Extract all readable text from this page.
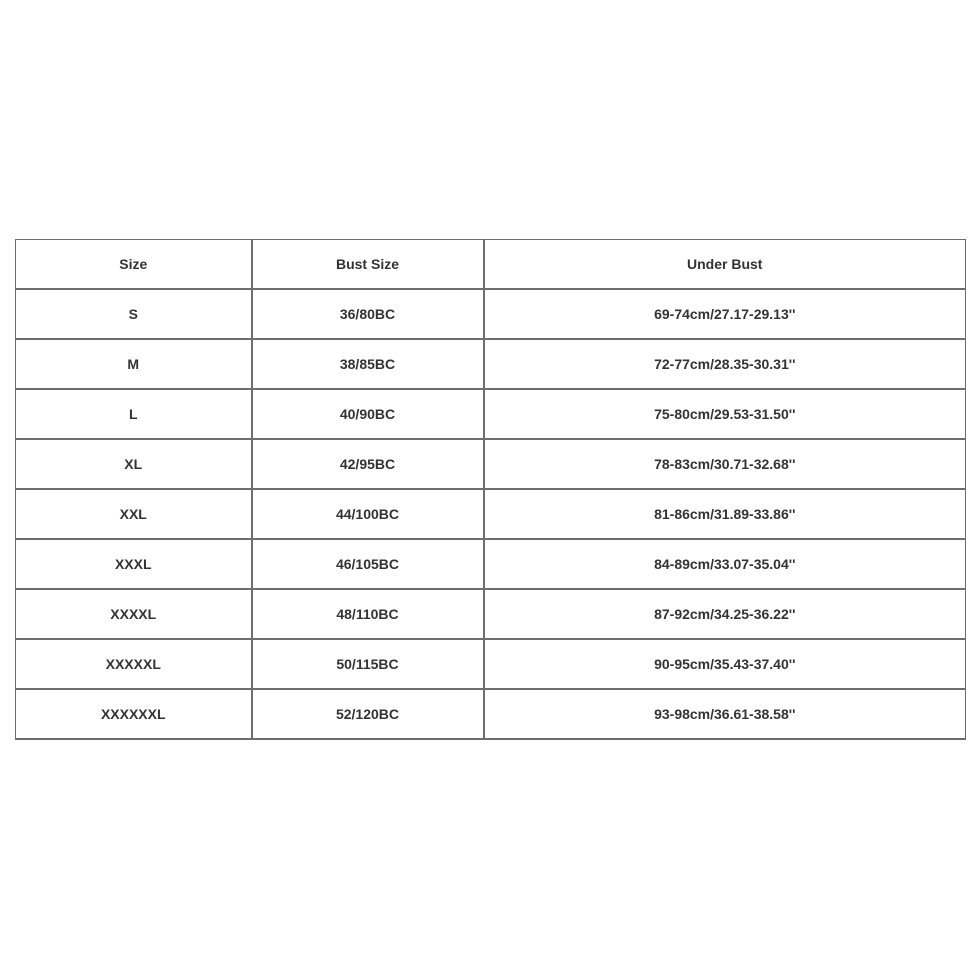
Size	Bust Size	Under Bust
S	36/80BC	69-74cm/27.17-29.13''
M	38/85BC	72-77cm/28.35-30.31''
L	40/90BC	75-80cm/29.53-31.50''
XL	42/95BC	78-83cm/30.71-32.68''
XXL	44/100BC	81-86cm/31.89-33.86''
XXXL	46/105BC	84-89cm/33.07-35.04''
XXXXL	48/110BC	87-92cm/34.25-36.22''
XXXXXL	50/115BC	90-95cm/35.43-37.40''
XXXXXXL	52/120BC	93-98cm/36.61-38.58''
